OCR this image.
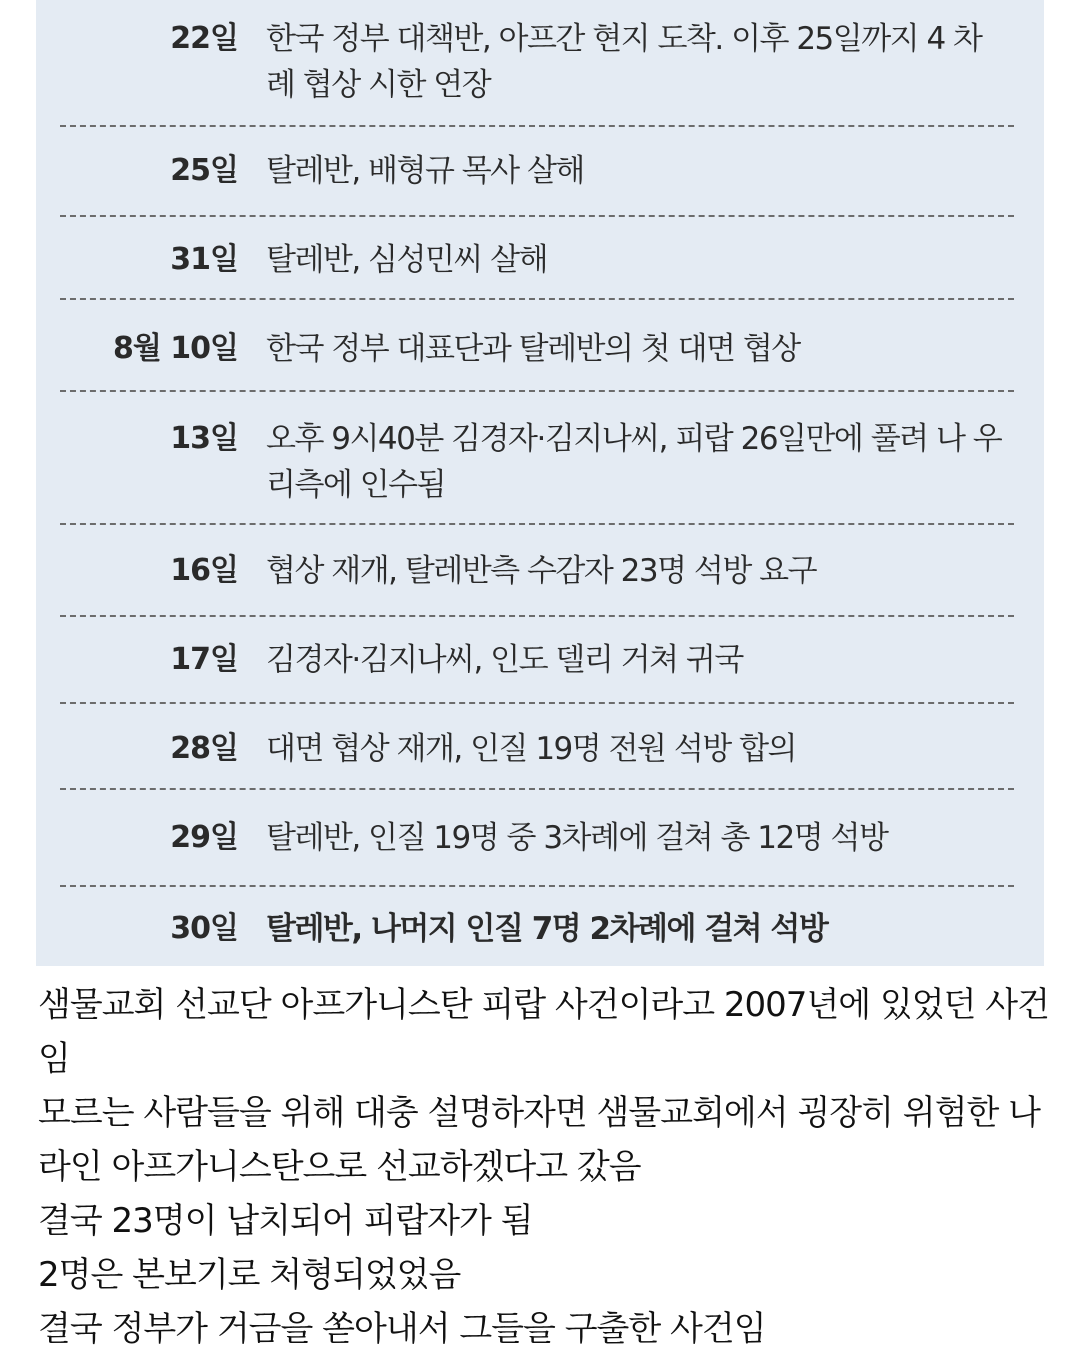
22일 한국 정부 대책반, 아프간 현지 도착. 이후 25일까지 4 차례 협상 시한 연장
25일 탈레반, 배형규 목사 살해
31일 탈레반, 심성민씨 살해
8월 10일 한국 정부 대표단과 탈레반의 첫 대면 협상
13일 오후 9시40분 김경자·김지나씨, 피랍 26일만에 풀려 나 우리측에 인수됨
16일 협상 재개, 탈레반측 수감자 23명 석방 요구
17일 김경자·김지나씨, 인도 델리 거쳐 귀국
28일 대면 협상 재개, 인질 19명 전원 석방 합의
29일 탈레반, 인질 19명 중 3차례에 걸쳐 총 12명 석방
30일 탈레반, 나머지 인질 7명 2차례에 걸쳐 석방
샘물교회 선교단 아프가니스탄 피랍 사건이라고 2007년에 있었던 사건임
모르는 사람들을 위해 대충 설명하자면 샘물교회에서 굉장히 위험한 나라인 아프가니스탄으로 선교하겠다고 갔음
결국 23명이 납치되어 피랍자가 됨
2명은 본보기로 처형되었었음
결국 정부가 거금을 쏟아내서 그들을 구출한 사건임
